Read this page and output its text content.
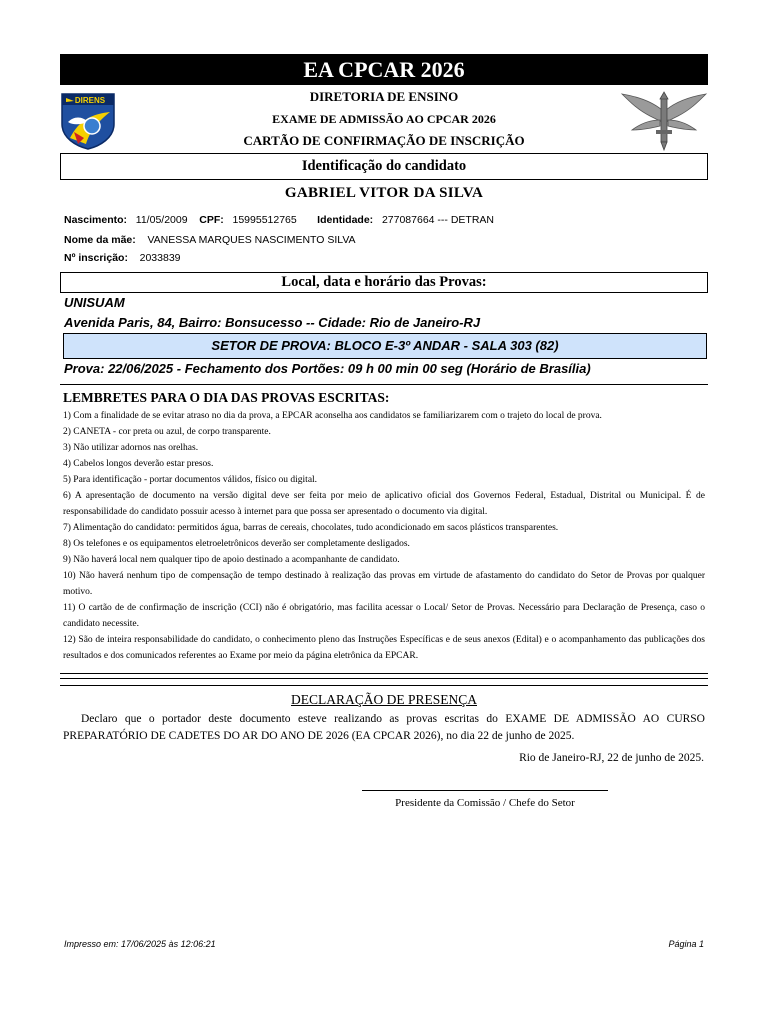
EA CPCAR 2026
DIRENS	DIRETORIA DE ENSINO
EXAME DE ADMISSÃO AO CPCAR 2026
CARTÃO DE CONFIRMAÇÃO DE INSCRIÇÃO
Identificação do candidato
GABRIEL VITOR DA SILVA
Nascimento: 11/05/2009 CPF: 15995512765 Identidade: 277087664 --- DETRAN
Nome da mãe: VANESSA MARQUES NASCIMENTO SILVA
Nº inscrição: 2033839
Local, data e horário das Provas:
UNISUAM
Avenida Paris, 84, Bairro: Bonsucesso -- Cidade: Rio de Janeiro-RJ
SETOR DE PROVA: BLOCO E-3º ANDAR - SALA 303 (82)
Prova: 22/06/2025 - Fechamento dos Portões: 09 h 00 min 00 seg (Horário de Brasília)
LEMBRETES PARA O DIA DAS PROVAS ESCRITAS:
1) Com a finalidade de se evitar atraso no dia da prova, a EPCAR aconselha aos candidatos se familiarizarem com o trajeto do local de prova.
2) CANETA - cor preta ou azul, de corpo transparente.
3) Não utilizar adornos nas orelhas.
4) Cabelos longos deverão estar presos.
5) Para identificação - portar documentos válidos, físico ou digital.
6) A apresentação de documento na versão digital deve ser feita por meio de aplicativo oficial dos Governos Federal, Estadual, Distrital ou Municipal. É de responsabilidade do candidato possuir acesso à internet para que possa ser apresentado o documento via digital.
7) Alimentação do candidato: permitidos água, barras de cereais, chocolates, tudo acondicionado em sacos plásticos transparentes.
8) Os telefones e os equipamentos eletroeletrônicos deverão ser completamente desligados.
9) Não haverá local nem qualquer tipo de apoio destinado a acompanhante de candidato.
10) Não haverá nenhum tipo de compensação de tempo destinado à realização das provas em virtude de afastamento do candidato do Setor de Provas por qualquer motivo.
11) O cartão de de confirmação de inscrição (CCI) não é obrigatório, mas facilita acessar o Local/ Setor de Provas. Necessário para Declaração de Presença, caso o candidato necessite.
12) São de inteira responsabilidade do candidato, o conhecimento pleno das Instruções Específicas e de seus anexos (Edital) e o acompanhamento das publicações dos resultados e dos comunicados referentes ao Exame por meio da página eletrônica da EPCAR.
DECLARAÇÃO DE PRESENÇA
Declaro que o portador deste documento esteve realizando as provas escritas do EXAME DE ADMISSÃO AO CURSO PREPARATÓRIO DE CADETES DO AR DO ANO DE 2026 (EA CPCAR 2026), no dia 22 de junho de 2025.
Rio de Janeiro-RJ, 22 de junho de 2025.
Presidente da Comissão / Chefe do Setor
Impresso em: 17/06/2025 às 12:06:21	Página 1
